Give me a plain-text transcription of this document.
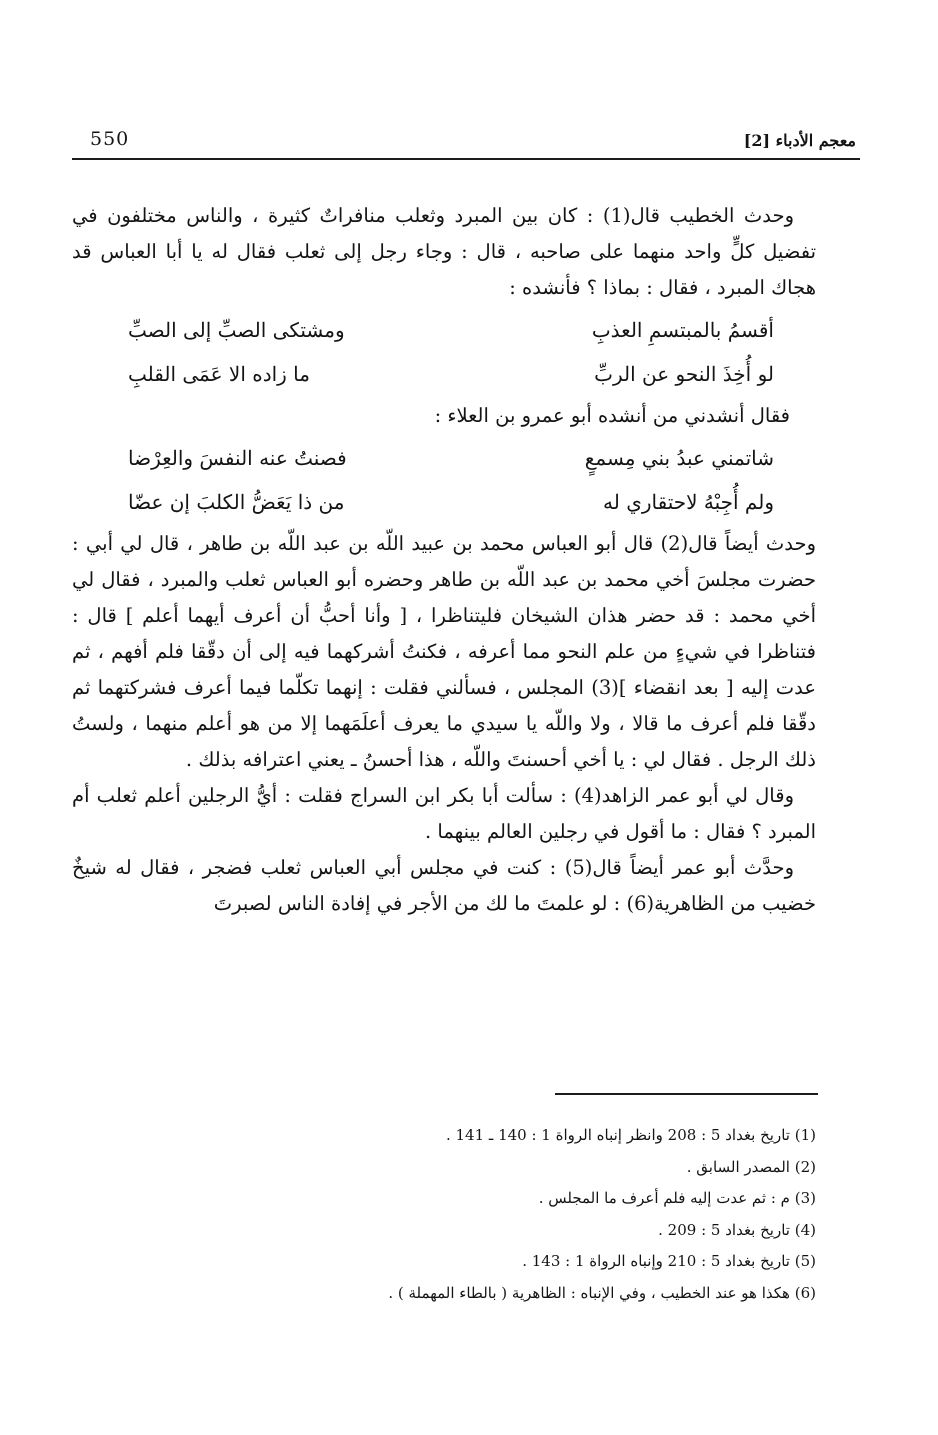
550	معجم الأدباء [2]

وحدث الخطيب قال(1) : كان بين المبرد وثعلب منافراتٌ كثيرة ، والناس مختلفون في تفضيل كلٍّ واحد منهما على صاحبه ، قال : وجاء رجل إلى ثعلب فقال له يا أبا العباس قد هجاك المبرد ، فقال : بماذا ؟ فأنشده :

أقسمُ بالمبتسمِ العذبِ
ومشتكى الصبِّ إلى الصبِّ
لو أُخِذَ النحو عن الربِّ
ما زاده الا عَمَى القلبِ

فقال أنشدني من أنشده أبو عمرو بن العلاء :

شاتمني عبدُ بني مِسمعٍ
فصنتُ عنه النفسَ والعِرْضا
ولم أُجِبْهُ لاحتقاري له
من ذا يَعَضُّ الكلبَ إن عضّا

وحدث أيضاً قال(2) قال أبو العباس محمد بن عبيد اللّه بن عبد اللّه بن طاهر ، قال لي أبي : حضرت مجلسَ أخي محمد بن عبد اللّه بن طاهر وحضره أبو العباس ثعلب والمبرد ، فقال لي أخي محمد : قد حضر هذان الشيخان فليتناظرا ، [ وأنا أحبُّ أن أعرف أيهما أعلم ] قال : فتناظرا في شيءٍ من علم النحو مما أعرفه ، فكنتُ أشركهما فيه إلى أن دقّقا فلم أفهم ، ثم عدت إليه [ بعد انقضاء ](3) المجلس ، فسألني فقلت : إنهما تكلّما فيما أعرف فشركتهما ثم دقّقا فلم أعرف ما قالا ، ولا واللّه يا سيدي ما يعرف أعلَمَهما إلا من هو أعلم منهما ، ولستُ ذلك الرجل . فقال لي : يا أخي أحسنتَ واللّه ، هذا أحسنُ ـ يعني اعترافه بذلك .

وقال لي أبو عمر الزاهد(4) : سألت أبا بكر ابن السراج فقلت : أيُّ الرجلين أعلم ثعلب أم المبرد ؟ فقال : ما أقول في رجلين العالم بينهما .

وحدَّث أبو عمر أيضاً قال(5) : كنت في مجلس أبي العباس ثعلب فضجر ، فقال له شيخٌ خضيب من الظاهرية(6) : لو علمتَ ما لك من الأجر في إفادة الناس لصبرتَ

(1) تاريخ بغداد 5 : 208 وانظر إنباه الرواة 1 : 140 ـ 141 .
(2) المصدر السابق .
(3) م : ثم عدت إليه فلم أعرف ما المجلس .
(4) تاريخ بغداد 5 : 209 .
(5) تاريخ بغداد 5 : 210 وإنباه الرواة 1 : 143 .
(6) هكذا هو عند الخطيب ، وفي الإنباه : الظاهرية ( بالطاء المهملة ) .
